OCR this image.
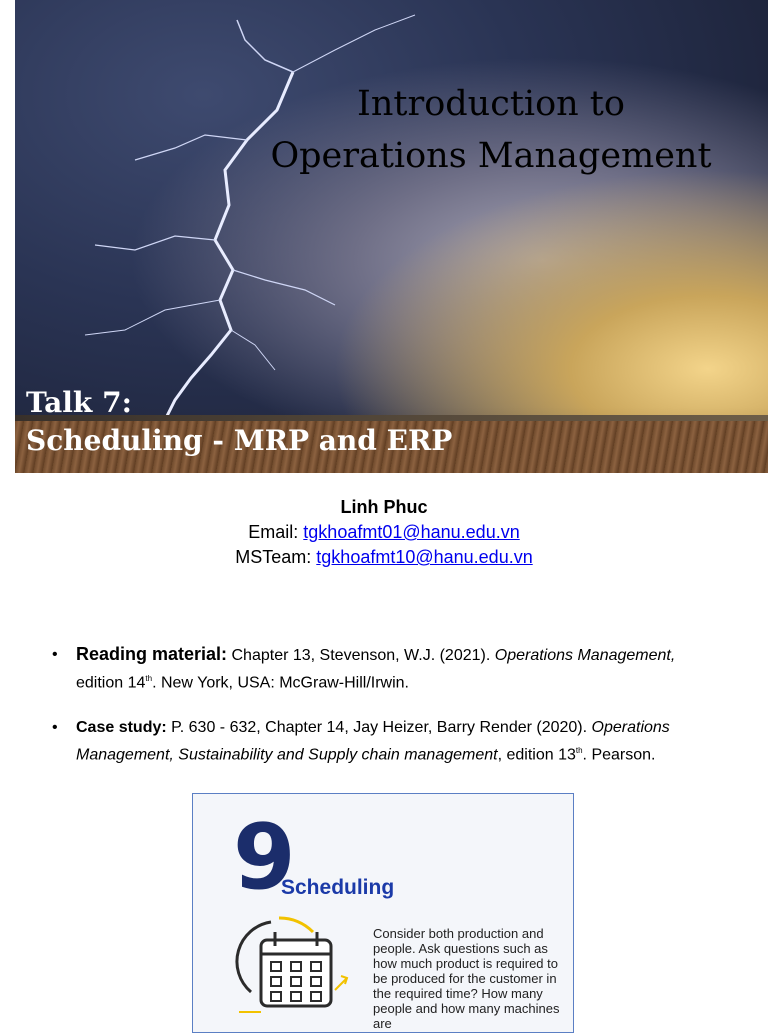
Introduction to
Operations Management
Talk 7:
Scheduling - MRP and ERP
Linh Phuc
Email: tgkhoafmt01@hanu.edu.vn
MSTeam: tgkhoafmt10@hanu.edu.vn
• Reading material: Chapter 13, Stevenson, W.J. (2021). Operations Management,
edition 14th. New York, USA: McGraw-Hill/Irwin.
• Case study: P. 630 - 632, Chapter 14, Jay Heizer, Barry Render (2020). Operations Management, Sustainability and Supply chain management, edition 13th. Pearson.
9
Scheduling
Consider both production and people. Ask questions such as how much product is required to be produced for the customer in the required time? How many people and how many machines are
